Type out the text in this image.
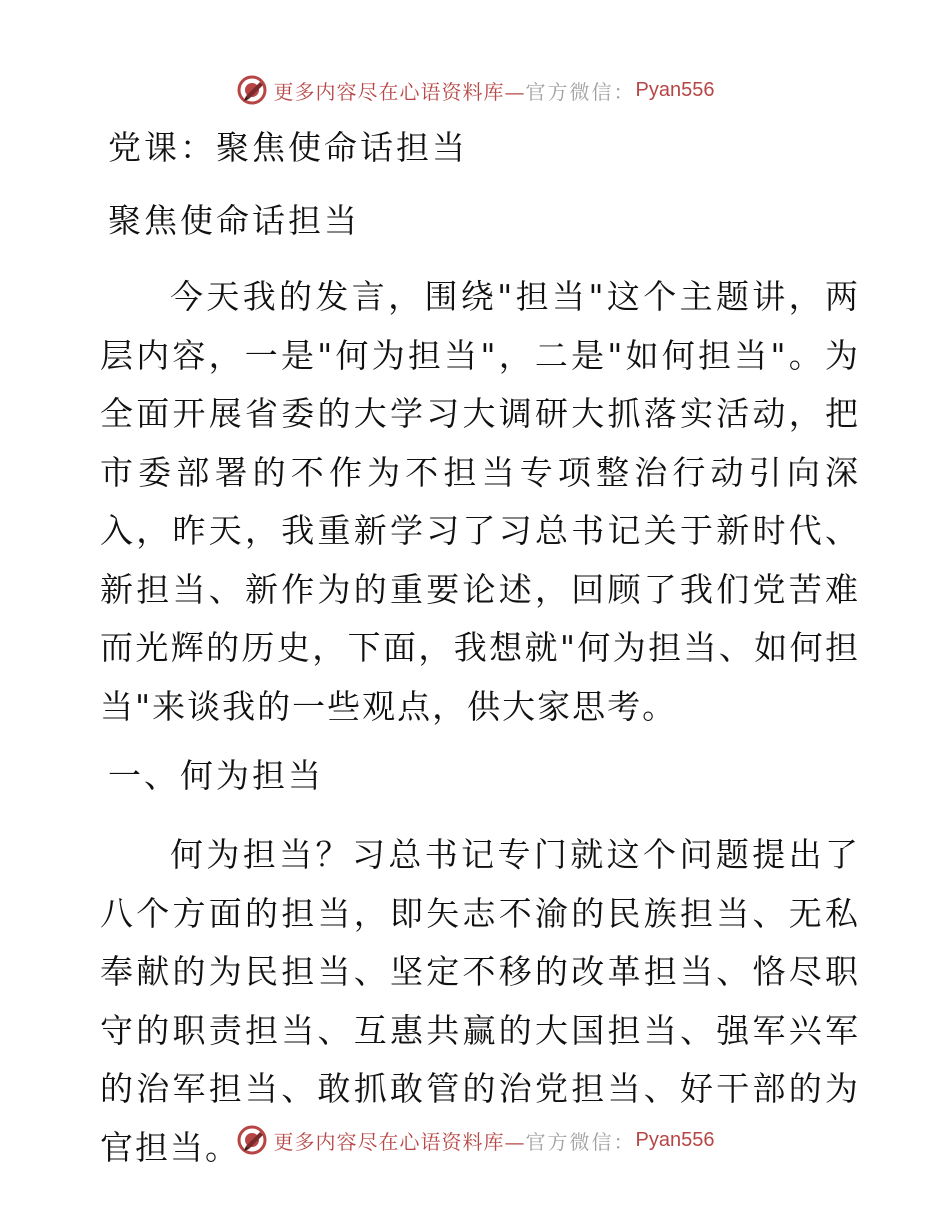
更多内容尽在心语资料库— 官方微信： Pyan556
党课：聚焦使命话担当
聚焦使命话担当

今天我的发言，围绕"担当"这个主题讲，两层内容，一是"何为担当"，二是"如何担当"。为全面开展省委的大学习大调研大抓落实活动，把市委部署的不作为不担当专项整治行动引向深入，昨天，我重新学习了习总书记关于新时代、新担当、新作为的重要论述，回顾了我们党苦难而光辉的历史，下面，我想就"何为担当、如何担当"来谈我的一些观点，供大家思考。

一、何为担当

何为担当？习总书记专门就这个问题提出了八个方面的担当，即矢志不渝的民族担当、无私奉献的为民担当、坚定不移的改革担当、恪尽职守的职责担当、互惠共赢的大国担当、强军兴军的治军担当、敢抓敢管的治党担当、好干部的为官担当。	更多内容尽在心语资料库— 官方微信： Pyan556
